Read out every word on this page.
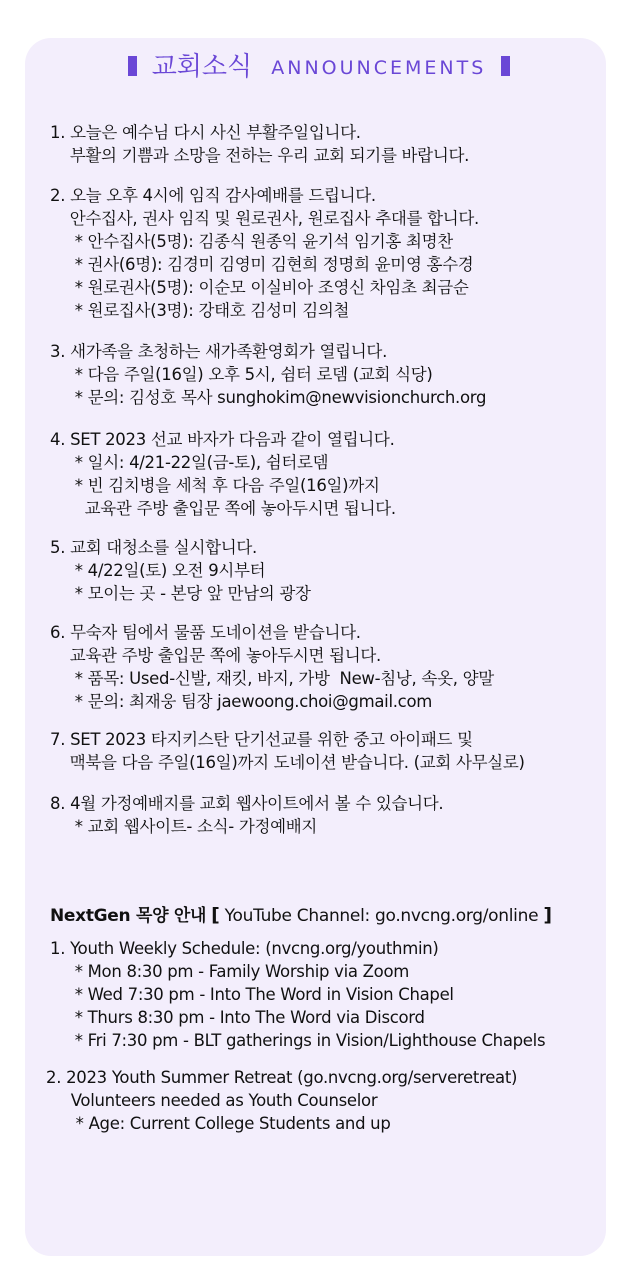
교회소식 ANNOUNCEMENTS
1. 오늘은 예수님 다시 사신 부활주일입니다.
부활의 기쁨과 소망을 전하는 우리 교회 되기를 바랍니다.
2. 오늘 오후 4시에 임직 감사예배를 드립니다.
안수집사, 권사 임직 및 원로권사, 원로집사 추대를 합니다.
* 안수집사(5명): 김종식 원종익 윤기석 임기홍 최명찬
* 권사(6명): 김경미 김영미 김현희 정명희 윤미영 홍수경
* 원로권사(5명): 이순모 이실비아 조영신 차임초 최금순
* 원로집사(3명): 강태호 김성미 김의철
3. 새가족을 초청하는 새가족환영회가 열립니다.
* 다음 주일(16일) 오후 5시, 쉼터 로뎀 (교회 식당)
* 문의: 김성호 목사 sunghokim@newvisionchurch.org
4. SET 2023 선교 바자가 다음과 같이 열립니다.
* 일시: 4/21-22일(금-토), 쉼터로뎀
* 빈 김치병을 세척 후 다음 주일(16일)까지
교육관 주방 출입문 쪽에 놓아두시면 됩니다.
5. 교회 대청소를 실시합니다.
* 4/22일(토) 오전 9시부터
* 모이는 곳 - 본당 앞 만남의 광장
6. 무숙자 팀에서 물품 도네이션을 받습니다.
교육관 주방 출입문 쪽에 놓아두시면 됩니다.
* 품목: Used-신발, 재킷, 바지, 가방  New-침낭, 속옷, 양말
* 문의: 최재웅 팀장 jaewoong.choi@gmail.com
7. SET 2023 타지키스탄 단기선교를 위한 중고 아이패드 및
맥북을 다음 주일(16일)까지 도네이션 받습니다. (교회 사무실로)
8. 4월 가정예배지를 교회 웹사이트에서 볼 수 있습니다.
* 교회 웹사이트- 소식- 가정예배지
NextGen 목양 안내 [ YouTube Channel: go.nvcng.org/online ]
1. Youth Weekly Schedule: (nvcng.org/youthmin)
* Mon 8:30 pm - Family Worship via Zoom
* Wed 7:30 pm - Into The Word in Vision Chapel
* Thurs 8:30 pm - Into The Word via Discord
* Fri 7:30 pm - BLT gatherings in Vision/Lighthouse Chapels
2. 2023 Youth Summer Retreat (go.nvcng.org/serveretreat)
Volunteers needed as Youth Counselor
* Age: Current College Students and up
